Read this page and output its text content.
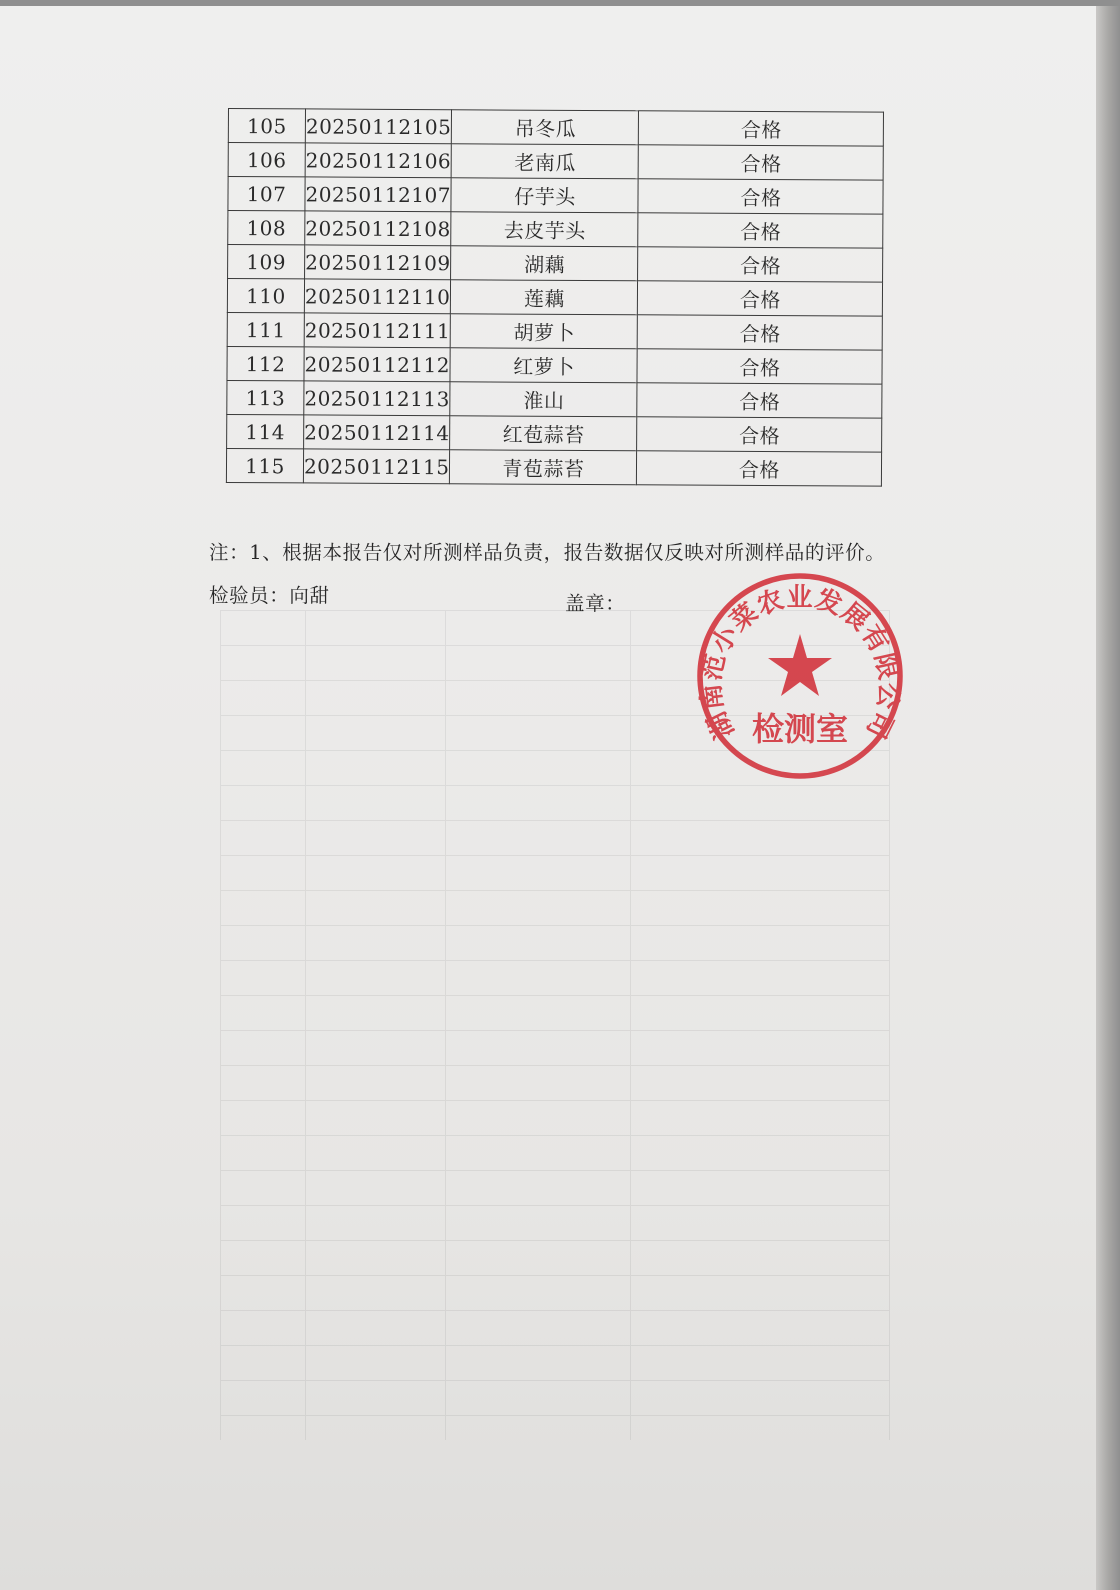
105	20250112105	吊冬瓜	合格
106	20250112106	老南瓜	合格
107	20250112107	仔芋头	合格
108	20250112108	去皮芋头	合格
109	20250112109	湖藕	合格
110	20250112110	莲藕	合格
111	20250112111	胡萝卜	合格
112	20250112112	红萝卜	合格
113	20250112113	淮山	合格
114	20250112114	红苞蒜苔	合格
115	20250112115	青苞蒜苔	合格
注：1、根据本报告仅对所测样品负责，报告数据仅反映对所测样品的评价。
检验员：向甜	盖章：
湖南范小菜农业发展有限公司
检测室
